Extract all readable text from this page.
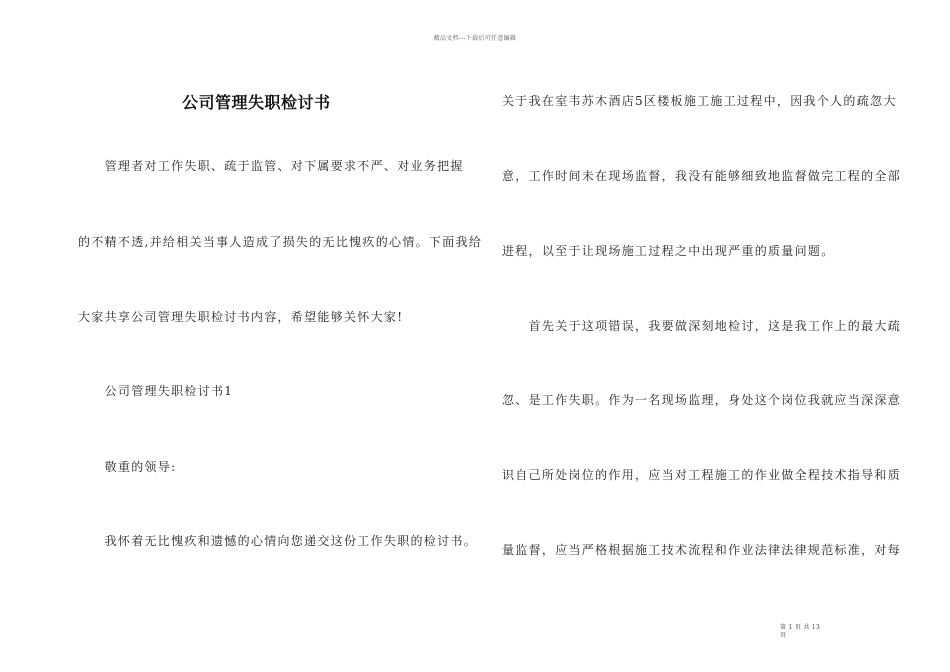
精品文档---下载后可任意编辑
公司管理失职检讨书
　　管理者对工作失职、疏于监管、对下属要求不严、对业务把握
的不精不透,并给相关当事人造成了损失的无比愧疚的心情。下面我给
大家共享公司管理失职检讨书内容，希望能够关怀大家!
　　公司管理失职检讨书1
　　敬重的领导:
　　我怀着无比愧疚和遗憾的心情向您递交这份工作失职的检讨书。
关于我在室韦苏木酒店5区楼板施工施工过程中，因我个人的疏忽大
意，工作时间未在现场监督，我没有能够细致地监督做完工程的全部
进程，以至于让现场施工过程之中出现严重的质量问题。
　　首先关于这项错误，我要做深刻地检讨，这是我工作上的最大疏
忽、是工作失职。作为一名现场监理，身处这个岗位我就应当深深意
识自己所处岗位的作用，应当对工程施工的作业做全程技术指导和质
量监督，应当严格根据施工技术流程和作业法律法律规范标准，对每
第 1 页 共 13
页
